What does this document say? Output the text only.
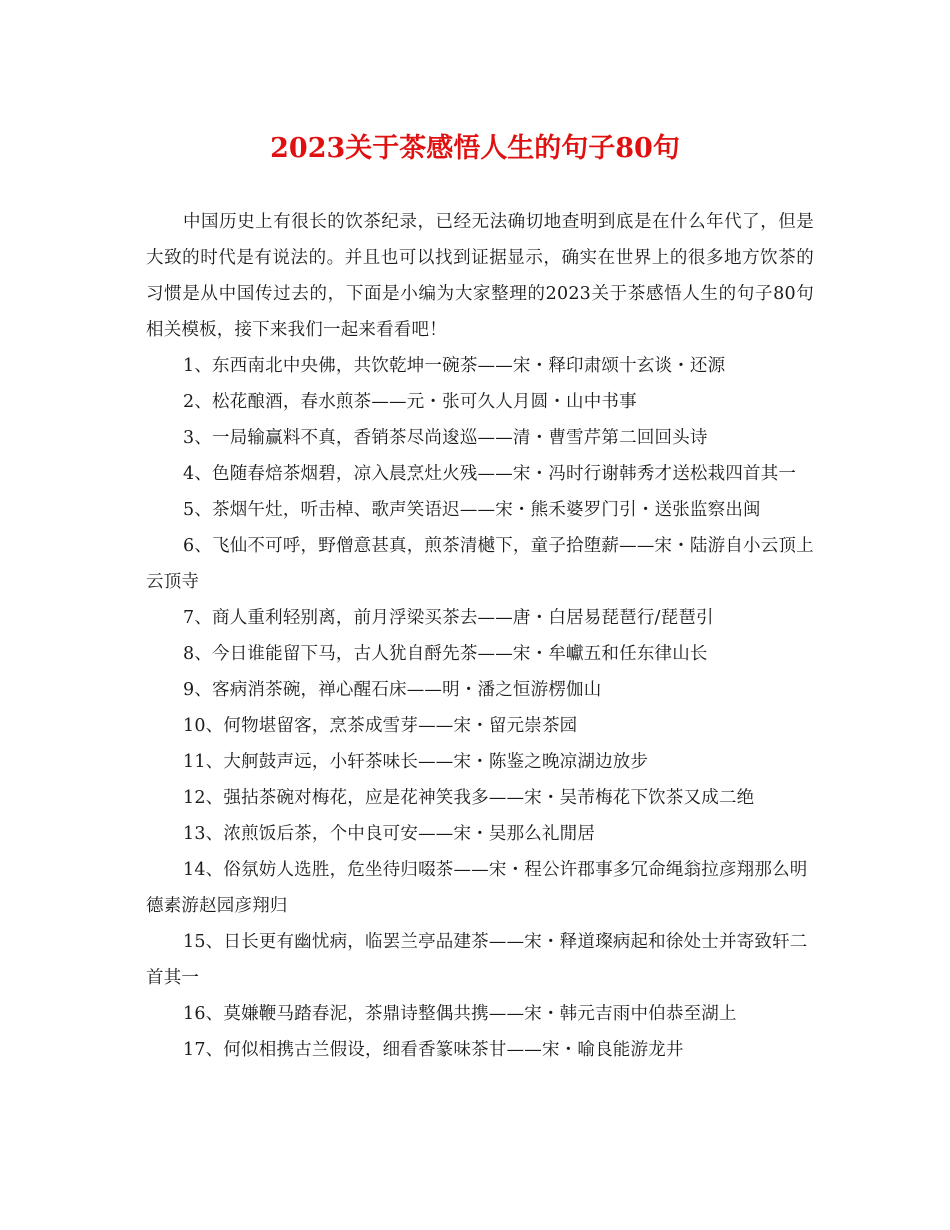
2023关于茶感悟人生的句子80句

中国历史上有很长的饮茶纪录，已经无法确切地查明到底是在什么年代了，但是大致的时代是有说法的。并且也可以找到证据显示，确实在世界上的很多地方饮茶的习惯是从中国传过去的，下面是小编为大家整理的2023关于茶感悟人生的句子80句相关模板，接下来我们一起来看看吧！

1、东西南北中央佛，共饮乾坤一碗茶——宋・释印肃颂十玄谈・还源

2、松花酿酒，春水煎茶——元・张可久人月圆・山中书事

3、一局输赢料不真，香销茶尽尚逡巡——清・曹雪芹第二回回头诗

4、色随春焙茶烟碧，凉入晨烹灶火残——宋・冯时行谢韩秀才送松栽四首其一

5、茶烟午灶，听击棹、歌声笑语迟——宋・熊禾婆罗门引・送张监察出闽

6、飞仙不可呼，野僧意甚真，煎茶清樾下，童子拾堕薪——宋・陆游自小云顶上云顶寺

7、商人重利轻别离，前月浮梁买茶去——唐・白居易琵琶行/琵琶引

8、今日谁能留下马，古人犹自酹先茶——宋・牟巘五和任东律山长

9、客病消茶碗，禅心醒石床——明・潘之恒游楞伽山

10、何物堪留客，烹茶成雪芽——宋・留元崇茶园

11、大舸鼓声远，小轩茶味长——宋・陈鉴之晚凉湖边放步

12、强拈茶碗对梅花，应是花神笑我多——宋・吴芾梅花下饮茶又成二绝

13、浓煎饭后茶，个中良可安——宋・吴那么礼閒居

14、俗氛妨人选胜，危坐待归啜茶——宋・程公许郡事多冗命绳翁拉彦翔那么明德素游赵园彦翔归

15、日长更有幽忧病，临罢兰亭品建茶——宋・释道璨病起和徐处士并寄致轩二首其一

16、莫嫌鞭马踏春泥，茶鼎诗整偶共携——宋・韩元吉雨中伯恭至湖上

17、何似相携古兰假设，细看香篆味茶甘——宋・喻良能游龙井
